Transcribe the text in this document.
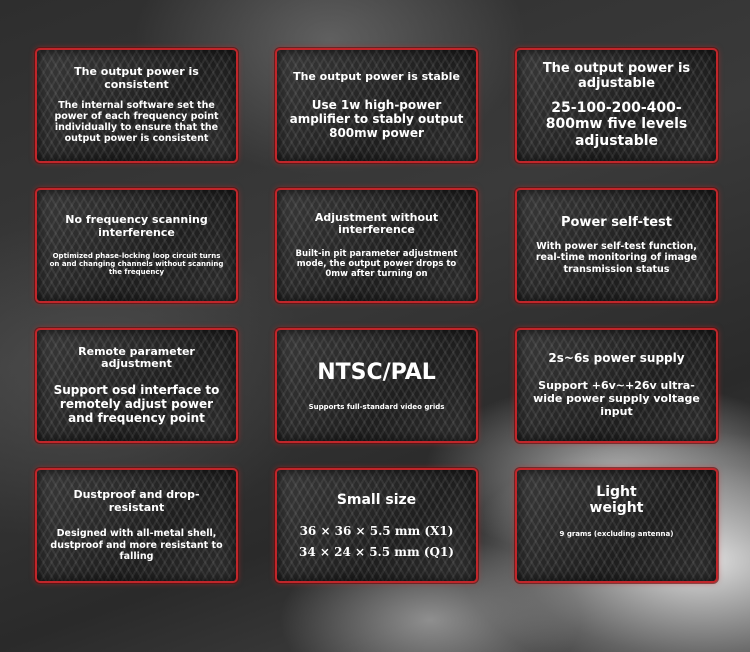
The output power is consistent
The internal software set the power of each frequency point individually to ensure that the output power is consistent
The output power is stable
Use 1w high-power amplifier to stably output 800mw power
The output power is adjustable
25-100-200-400-800mw five levels adjustable
No frequency scanning interference
Optimized phase-locking loop circuit turns on and changing channels without scanning the frequency
Adjustment without interference
Built-in pit parameter adjustment mode, the output power drops to 0mw after turning on
Power self-test
With power self-test function, real-time monitoring of image transmission status
Remote parameter adjustment
Support osd interface to remotely adjust power and frequency point
NTSC/PAL
Supports full-standard video grids
2s~6s power supply
Support +6v~+26v ultra-wide power supply voltage input
Dustproof and drop-resistant
Designed with all-metal shell, dustproof and more resistant to falling
Small size
36 × 36 × 5.5 mm (X1)
34 × 24 × 5.5 mm (Q1)
Light weight
9 grams (excluding antenna)
